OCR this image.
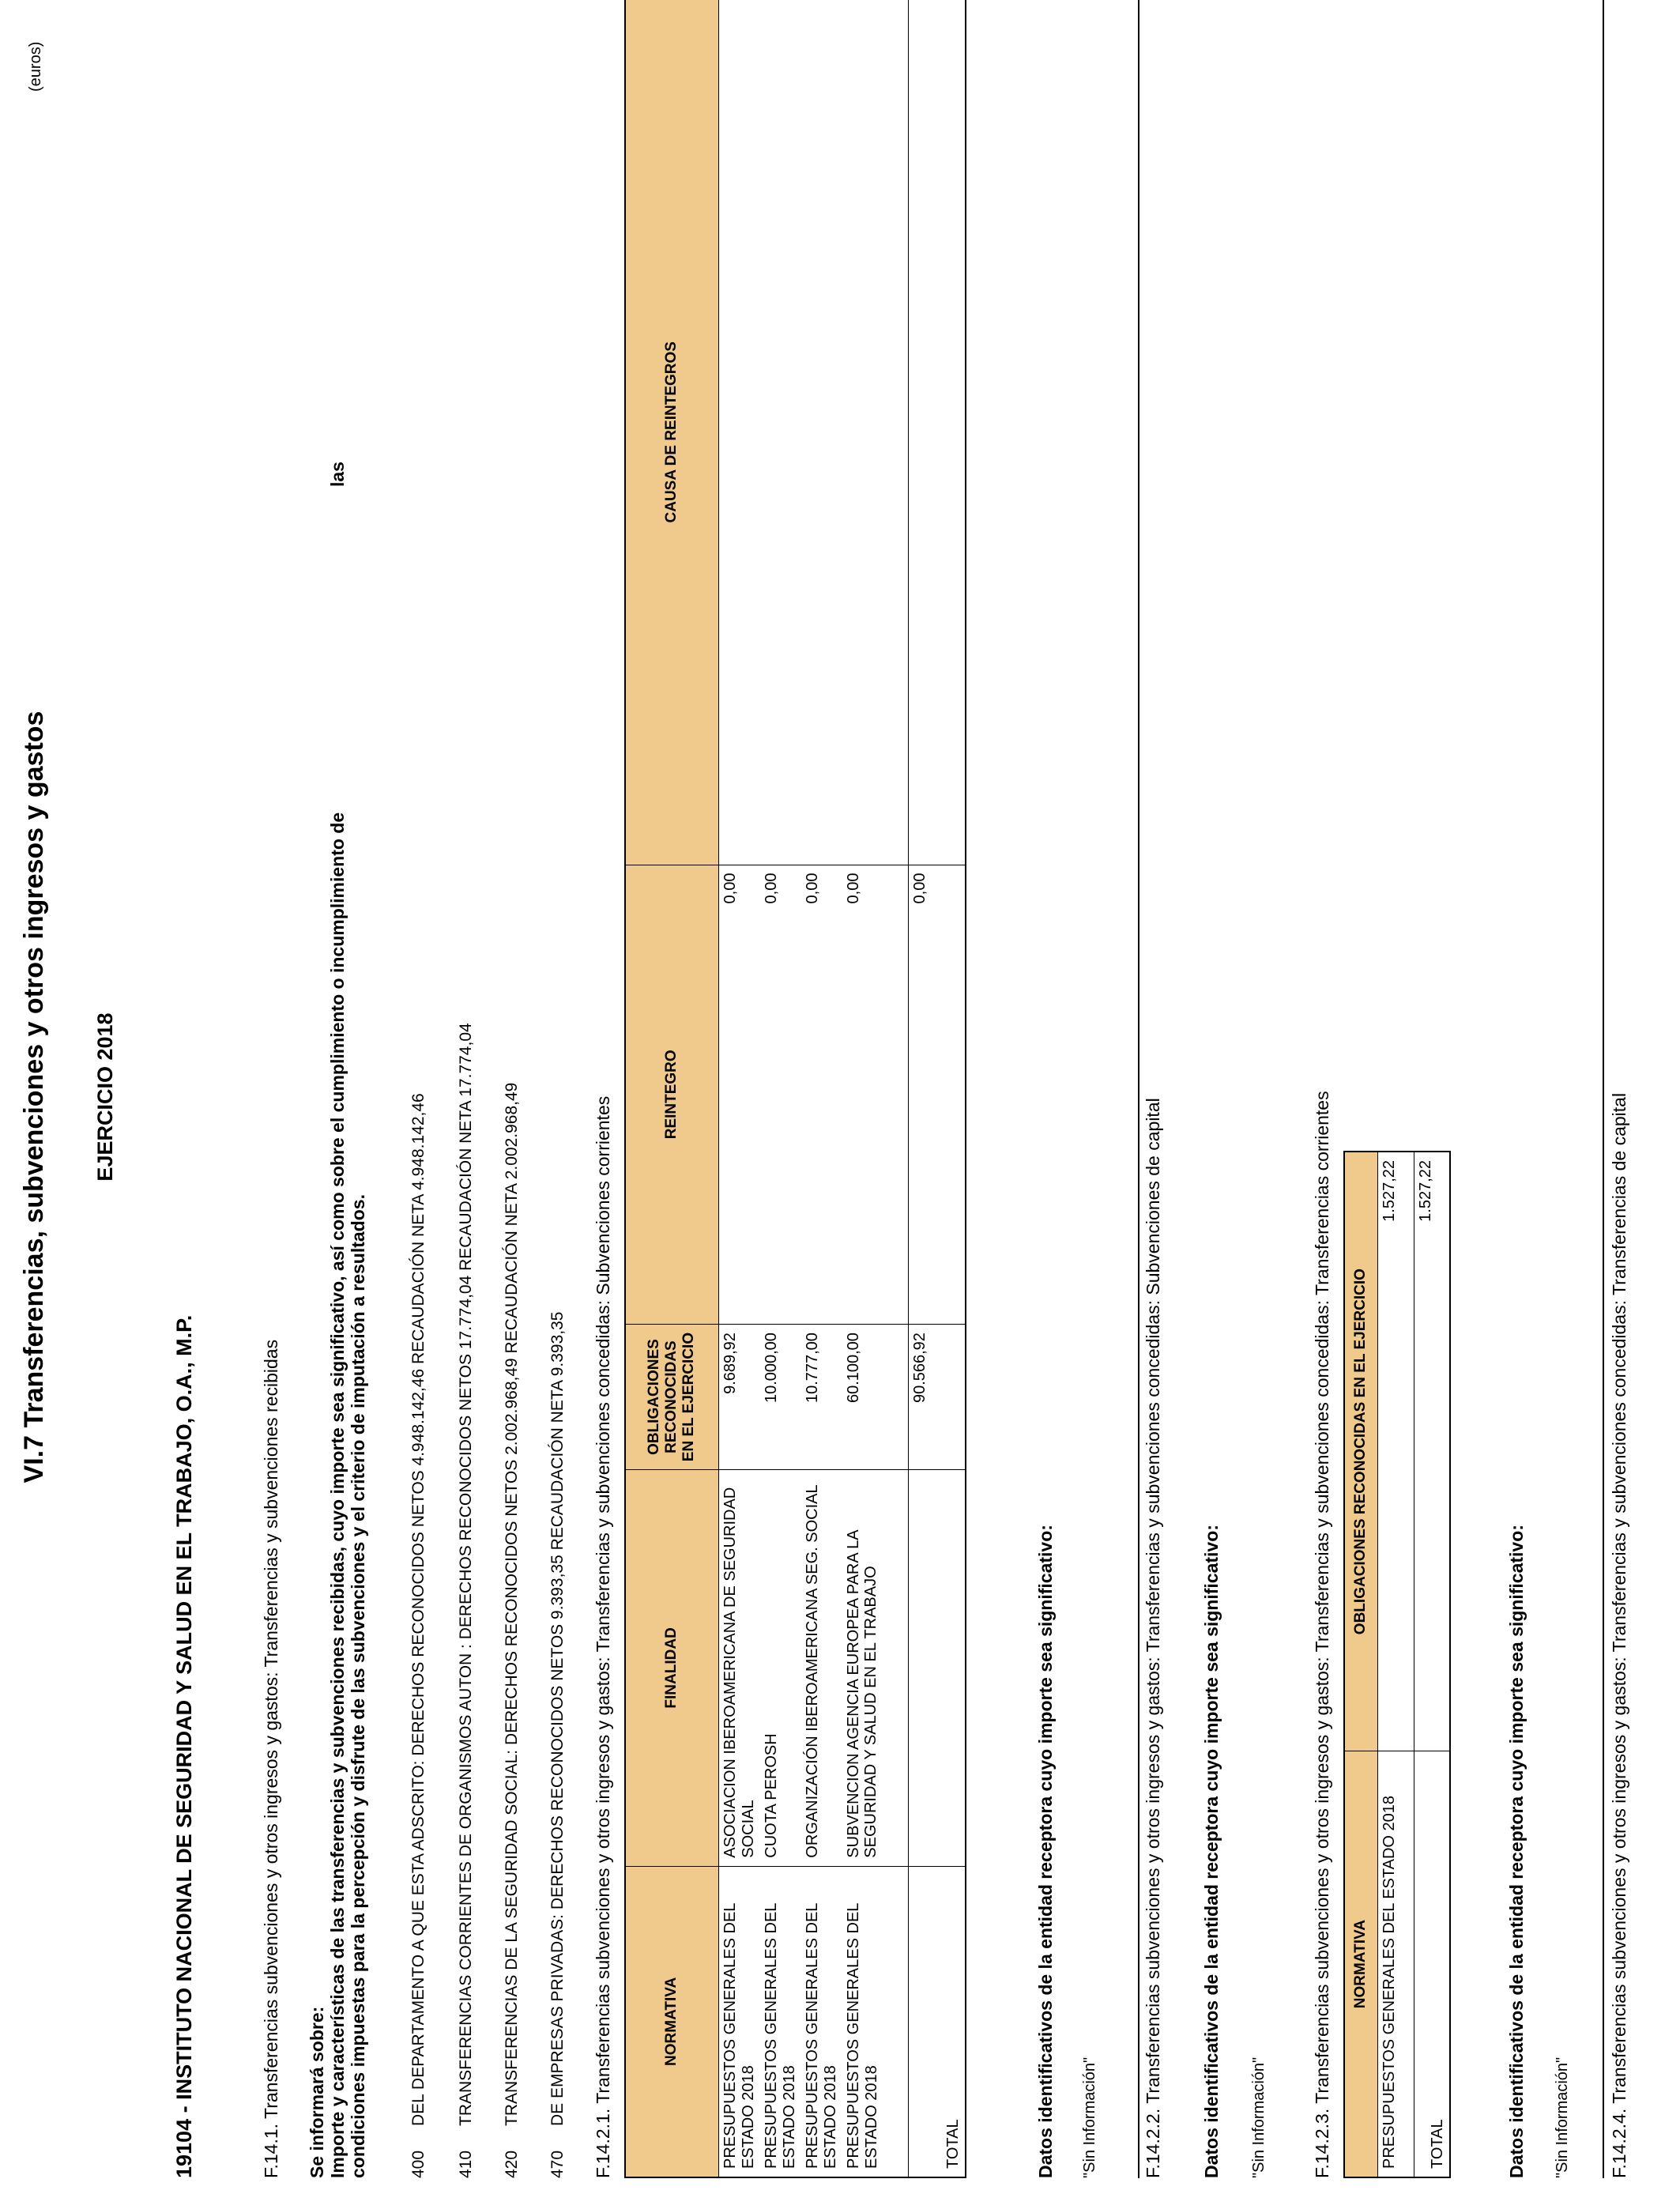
VI.7 Transferencias, subvenciones y otros ingresos y gastos
(euros)
EJERCICIO 2018
19104 - INSTITUTO NACIONAL DE SEGURIDAD Y SALUD EN EL TRABAJO, O.A., M.P.	F.14.1. Transferencias subvenciones y otros ingresos y gastos: Transferencias y subvenciones recibidas Se informará sobre: Importe y características de las transferencias y subvenciones recibidas, cuyo importe sea significativo, así como sobre el cumplimiento o incumplimiento de
las
condiciones impuestas para la percepción y disfrute de las subvenciones y el criterio de imputación a resultados. 400
DEL DEPARTAMENTO A QUE ESTA ADSCRITO: DERECHOS RECONOCIDOS NETOS 4.948.142,46 RECAUDACIÓN NETA 4.948.142,46
410
TRANSFERENCIAS CORRIENTES DE ORGANISMOS AUTON : DERECHOS RECONOCIDOS NETOS 17.774,04 RECAUDACIÓN NETA 17.774,04
420
TRANSFERENCIAS DE LA SEGURIDAD SOCIAL: DERECHOS RECONOCIDOS NETOS 2.002.968,49 RECAUDACIÓN NETA 2.002.968,49
470
DE EMPRESAS PRIVADAS: DERECHOS RECONOCIDOS NETOS 9.393,35 RECAUDACIÓN NETA 9.393,35 F.14.2.1. Transferencias subvenciones y otros ingresos y gastos: Transferencias y subvenciones concedidas: Subvenciones corrientes	NORMATIVA	FINALIDAD	OBLIGACIONES RECONOCIDAS EN EL EJERCICIO	REINTEGRO	CAUSA DE REINTEGROS
PRESUPUESTOS GENERALES DEL ESTADO 2018	ASOCIACION IBEROAMERICANA DE SEGURIDAD SOCIAL	9.689,92	0,00	
PRESUPUESTOS GENERALES DEL ESTADO 2018	CUOTA PEROSH	10.000,00	0,00	
PRESUPUESTOS GENERALES DEL ESTADO 2018	ORGANIZACIÓN IBEROAMERICANA SEG. SOCIAL	10.777,00	0,00	
PRESUPUESTOS GENERALES DEL ESTADO 2018	SUBVENCION AGENCIA EUROPEA PARA LA SEGURIDAD Y SALUD EN EL TRABAJO	60.100,00	0,00	
TOTAL		90.566,92	0,00	
Datos identificativos de la entidad receptora cuyo importe sea significativo: "Sin Información" F.14.2.2. Transferencias subvenciones y otros ingresos y gastos: Transferencias y subvenciones concedidas: Subvenciones de capital Datos identificativos de la entidad receptora cuyo importe sea significativo: "Sin Información" F.14.2.3. Transferencias subvenciones y otros ingresos y gastos: Transferencias y subvenciones concedidas: Transferencias corrientes NORMATIVA	OBLIGACIONES RECONOCIDAS EN EL EJERCICIO
PRESUPUESTOS GENERALES DEL ESTADO 2018	1.527,22
TOTAL	1.527,22
Datos identificativos de la entidad receptora cuyo importe sea significativo: "Sin Información" F.14.2.4. Transferencias subvenciones y otros ingresos y gastos: Transferencias y subvenciones concedidas: Transferencias de capital
